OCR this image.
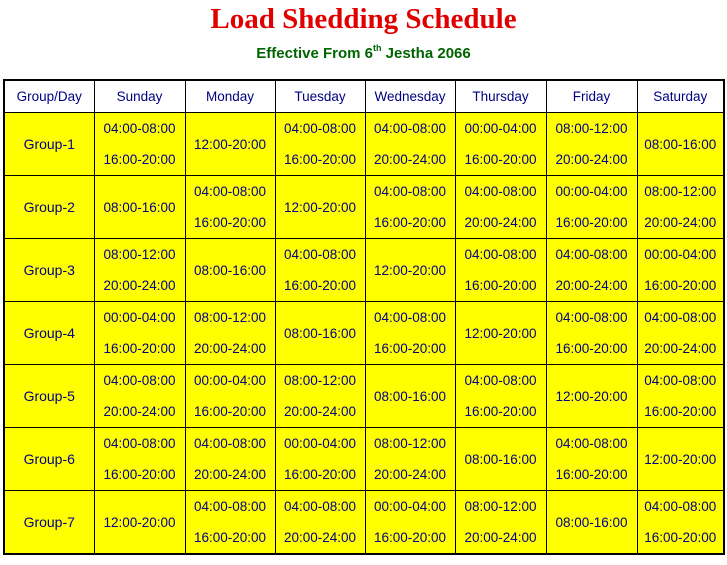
Load Shedding Schedule
Effective From 6th Jestha 2066
Group/Day	Sunday	Monday	Tuesday	Wednesday	Thursday	Friday	Saturday
Group-1	04:00-08:00	12:00-20:00	04:00-08:00	04:00-08:00	00:00-04:00	08:00-12:00	08:00-16:00
	16:00-20:00		16:00-20:00	20:00-24:00	16:00-20:00	20:00-24:00	
Group-2	08:00-16:00	04:00-08:00	12:00-20:00	04:00-08:00	04:00-08:00	00:00-04:00	08:00-12:00
		16:00-20:00		16:00-20:00	20:00-24:00	16:00-20:00	20:00-24:00
Group-3	08:00-12:00	08:00-16:00	04:00-08:00	12:00-20:00	04:00-08:00	04:00-08:00	00:00-04:00
	20:00-24:00		16:00-20:00		16:00-20:00	20:00-24:00	16:00-20:00
Group-4	00:00-04:00	08:00-12:00	08:00-16:00	04:00-08:00	12:00-20:00	04:00-08:00	04:00-08:00
	16:00-20:00	20:00-24:00		16:00-20:00		16:00-20:00	20:00-24:00
Group-5	04:00-08:00	00:00-04:00	08:00-12:00	08:00-16:00	04:00-08:00	12:00-20:00	04:00-08:00
	20:00-24:00	16:00-20:00	20:00-24:00		16:00-20:00		16:00-20:00
Group-6	04:00-08:00	04:00-08:00	00:00-04:00	08:00-12:00	08:00-16:00	04:00-08:00	12:00-20:00
	16:00-20:00	20:00-24:00	16:00-20:00	20:00-24:00		16:00-20:00	
Group-7	12:00-20:00	04:00-08:00	04:00-08:00	00:00-04:00	08:00-12:00	08:00-16:00	04:00-08:00
		16:00-20:00	20:00-24:00	16:00-20:00	20:00-24:00		16:00-20:00
